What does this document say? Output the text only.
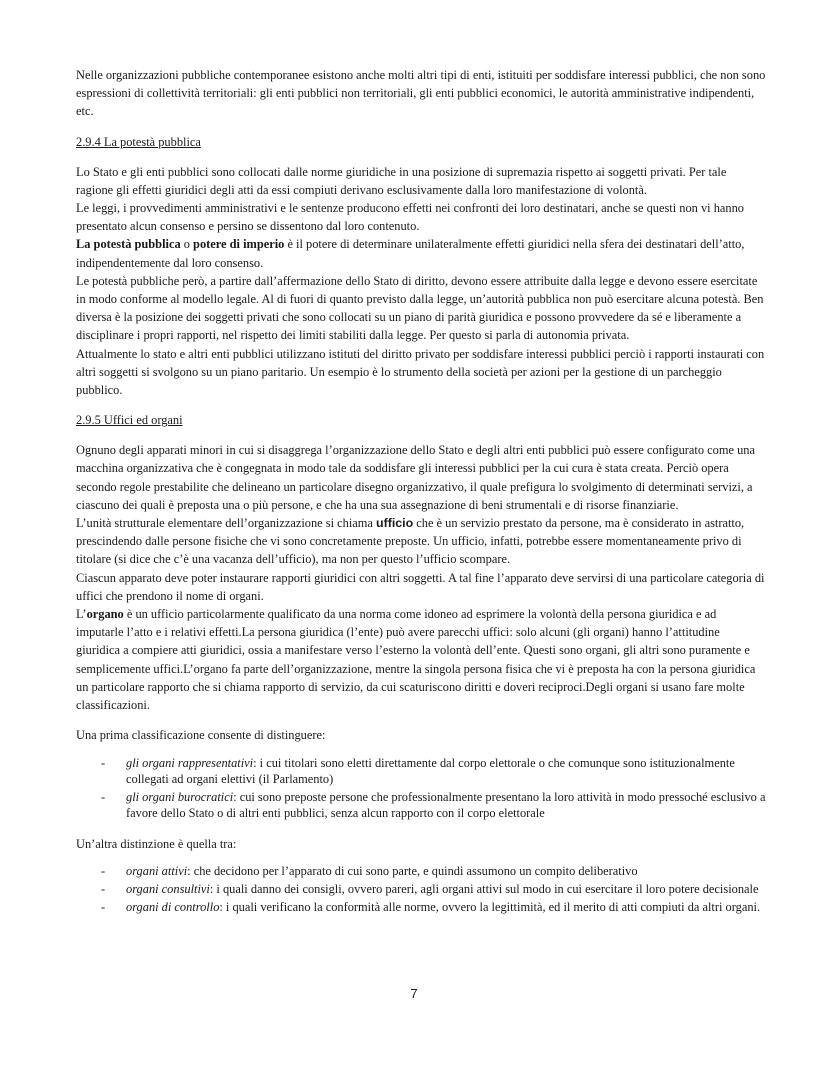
Nelle organizzazioni pubbliche contemporanee esistono anche molti altri tipi di enti, istituiti per soddisfare interessi pubblici, che non sono espressioni di collettività territoriali: gli enti pubblici non territoriali, gli enti pubblici economici, le autorità amministrative indipendenti, etc.

2.9.4 La potestà pubblica

Lo Stato e gli enti pubblici sono collocati dalle norme giuridiche in una posizione di supremazia rispetto ai soggetti privati. Per tale ragione gli effetti giuridici degli atti da essi compiuti derivano esclusivamente dalla loro manifestazione di volontà.

Le leggi, i provvedimenti amministrativi e le sentenze producono effetti nei confronti dei loro destinatari, anche se questi non vi hanno presentato alcun consenso e persino se dissentono dal loro contenuto.

La potestà pubblica o potere di imperio è il potere di determinare unilateralmente effetti giuridici nella sfera dei destinatari dell’atto, indipendentemente dal loro consenso.

Le potestà pubbliche però, a partire dall’affermazione dello Stato di diritto, devono essere attribuite dalla legge e devono essere esercitate in modo conforme al modello legale. Al di fuori di quanto previsto dalla legge, un’autorità pubblica non può esercitare alcuna potestà. Ben diversa è la posizione dei soggetti privati che sono collocati su un piano di parità giuridica e possono provvedere da sé e liberamente a disciplinare i propri rapporti, nel rispetto dei limiti stabiliti dalla legge. Per questo si parla di autonomia privata.

Attualmente lo stato e altri enti pubblici utilizzano istituti del diritto privato per soddisfare interessi pubblici perciò i rapporti instaurati con altri soggetti si svolgono su un piano paritario. Un esempio è lo strumento della società per azioni per la gestione di un parcheggio pubblico.

2.9.5 Uffici ed organi

Ognuno degli apparati minori in cui si disaggrega l’organizzazione dello Stato e degli altri enti pubblici può essere configurato come una macchina organizzativa che è congegnata in modo tale da soddisfare gli interessi pubblici per la cui cura è stata creata. Perciò opera secondo regole prestabilite che delineano un particolare disegno organizzativo, il quale prefigura lo svolgimento di determinati servizi, a ciascuno dei quali è preposta una o più persone, e che ha una sua assegnazione di beni strumentali e di risorse finanziarie.

L’unità strutturale elementare dell’organizzazione si chiama ufficio che è un servizio prestato da persone, ma è considerato in astratto, prescindendo dalle persone fisiche che vi sono concretamente preposte. Un ufficio, infatti, potrebbe essere momentaneamente privo di titolare (si dice che c’è una vacanza dell’ufficio), ma non per questo l’ufficio scompare.

Ciascun apparato deve poter instaurare rapporti giuridici con altri soggetti. A tal fine l’apparato deve servirsi di una particolare categoria di uffici che prendono il nome di organi.

L’organo è un ufficio particolarmente qualificato da una norma come idoneo ad esprimere la volontà della persona giuridica e ad imputarle l’atto e i relativi effetti.La persona giuridica (l’ente) può avere parecchi uffici: solo alcuni (gli organi) hanno l’attitudine giuridica a compiere atti giuridici, ossia a manifestare verso l’esterno la volontà dell’ente. Questi sono organi, gli altri sono puramente e semplicemente uffici.L’organo fa parte dell’organizzazione, mentre la singola persona fisica che vi è preposta ha con la persona giuridica un particolare rapporto che si chiama rapporto di servizio, da cui scaturiscono diritti e doveri reciproci.Degli organi si usano fare molte classificazioni.

Una prima classificazione consente di distinguere:

- gli organi rappresentativi: i cui titolari sono eletti direttamente dal corpo elettorale o che comunque sono istituzionalmente collegati ad organi elettivi (il Parlamento)
- gli organi burocratici: cui sono preposte persone che professionalmente presentano la loro attività in modo pressoché esclusivo a favore dello Stato o di altri enti pubblici, senza alcun rapporto con il corpo elettorale

Un’altra distinzione è quella tra:

- organi attivi: che decidono per l’apparato di cui sono parte, e quindi assumono un compito deliberativo
- organi consultivi: i quali danno dei consigli, ovvero pareri, agli organi attivi sul modo in cui esercitare il loro potere decisionale
- organi di controllo: i quali verificano la conformità alle norme, ovvero la legittimità, ed il merito di atti compiuti da altri organi.
7
